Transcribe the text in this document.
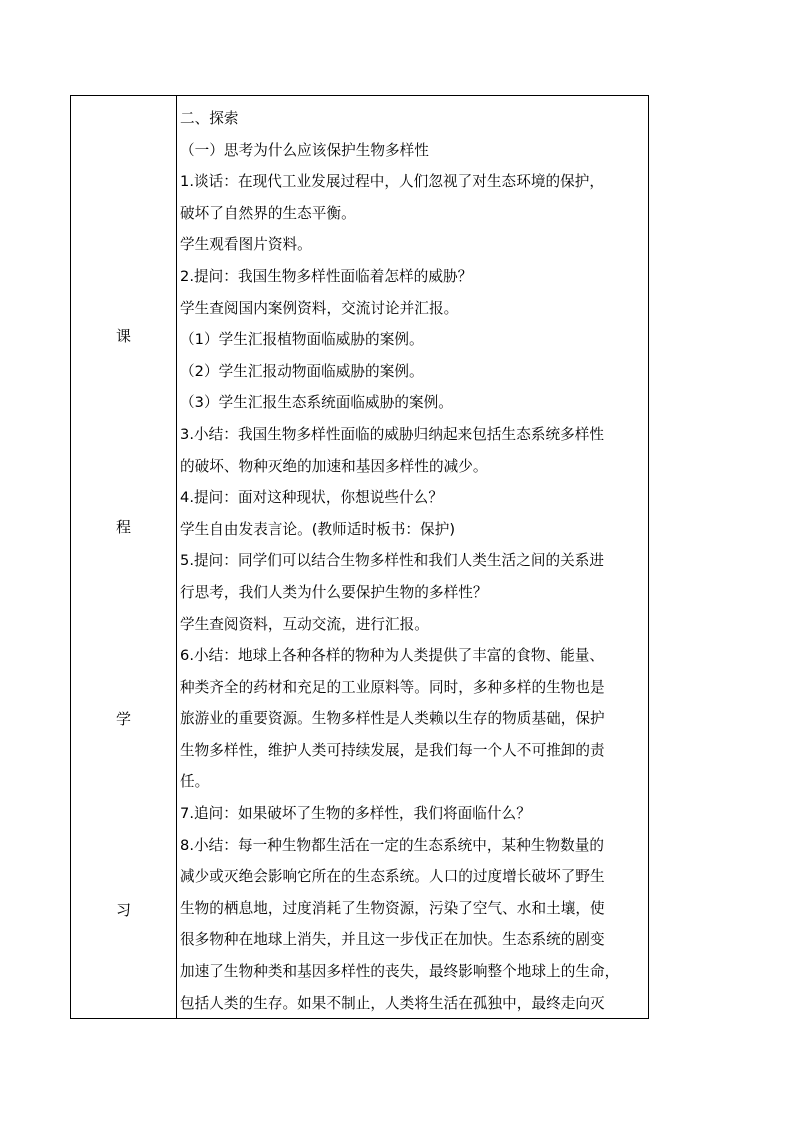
课
程
学
习
二、探索
（一）思考为什么应该保护生物多样性
1.谈话：在现代工业发展过程中，人们忽视了对生态环境的保护，
破坏了自然界的生态平衡。
学生观看图片资料。
2.提问：我国生物多样性面临着怎样的威胁？
学生查阅国内案例资料，交流讨论并汇报。
（1）学生汇报植物面临威胁的案例。
（2）学生汇报动物面临威胁的案例。
（3）学生汇报生态系统面临威胁的案例。
3.小结：我国生物多样性面临的威胁归纳起来包括生态系统多样性
的破坏、物种灭绝的加速和基因多样性的减少。
4.提问：面对这种现状，你想说些什么？
学生自由发表言论。(教师适时板书：保护)
5.提问：同学们可以结合生物多样性和我们人类生活之间的关系进
行思考，我们人类为什么要保护生物的多样性？
学生查阅资料，互动交流，进行汇报。
6.小结：地球上各种各样的物种为人类提供了丰富的食物、能量、
种类齐全的药材和充足的工业原料等。同时，多种多样的生物也是
旅游业的重要资源。生物多样性是人类赖以生存的物质基础，保护
生物多样性，维护人类可持续发展，是我们每一个人不可推卸的责
任。
7.追问：如果破坏了生物的多样性，我们将面临什么？
8.小结：每一种生物都生活在一定的生态系统中，某种生物数量的
减少或灭绝会影响它所在的生态系统。人口的过度增长破坏了野生
生物的栖息地，过度消耗了生物资源，污染了空气、水和土壤，使
很多物种在地球上消失，并且这一步伐正在加快。生态系统的剧变
加速了生物种类和基因多样性的丧失，最终影响整个地球上的生命，
包括人类的生存。如果不制止，人类将生活在孤独中，最终走向灭
